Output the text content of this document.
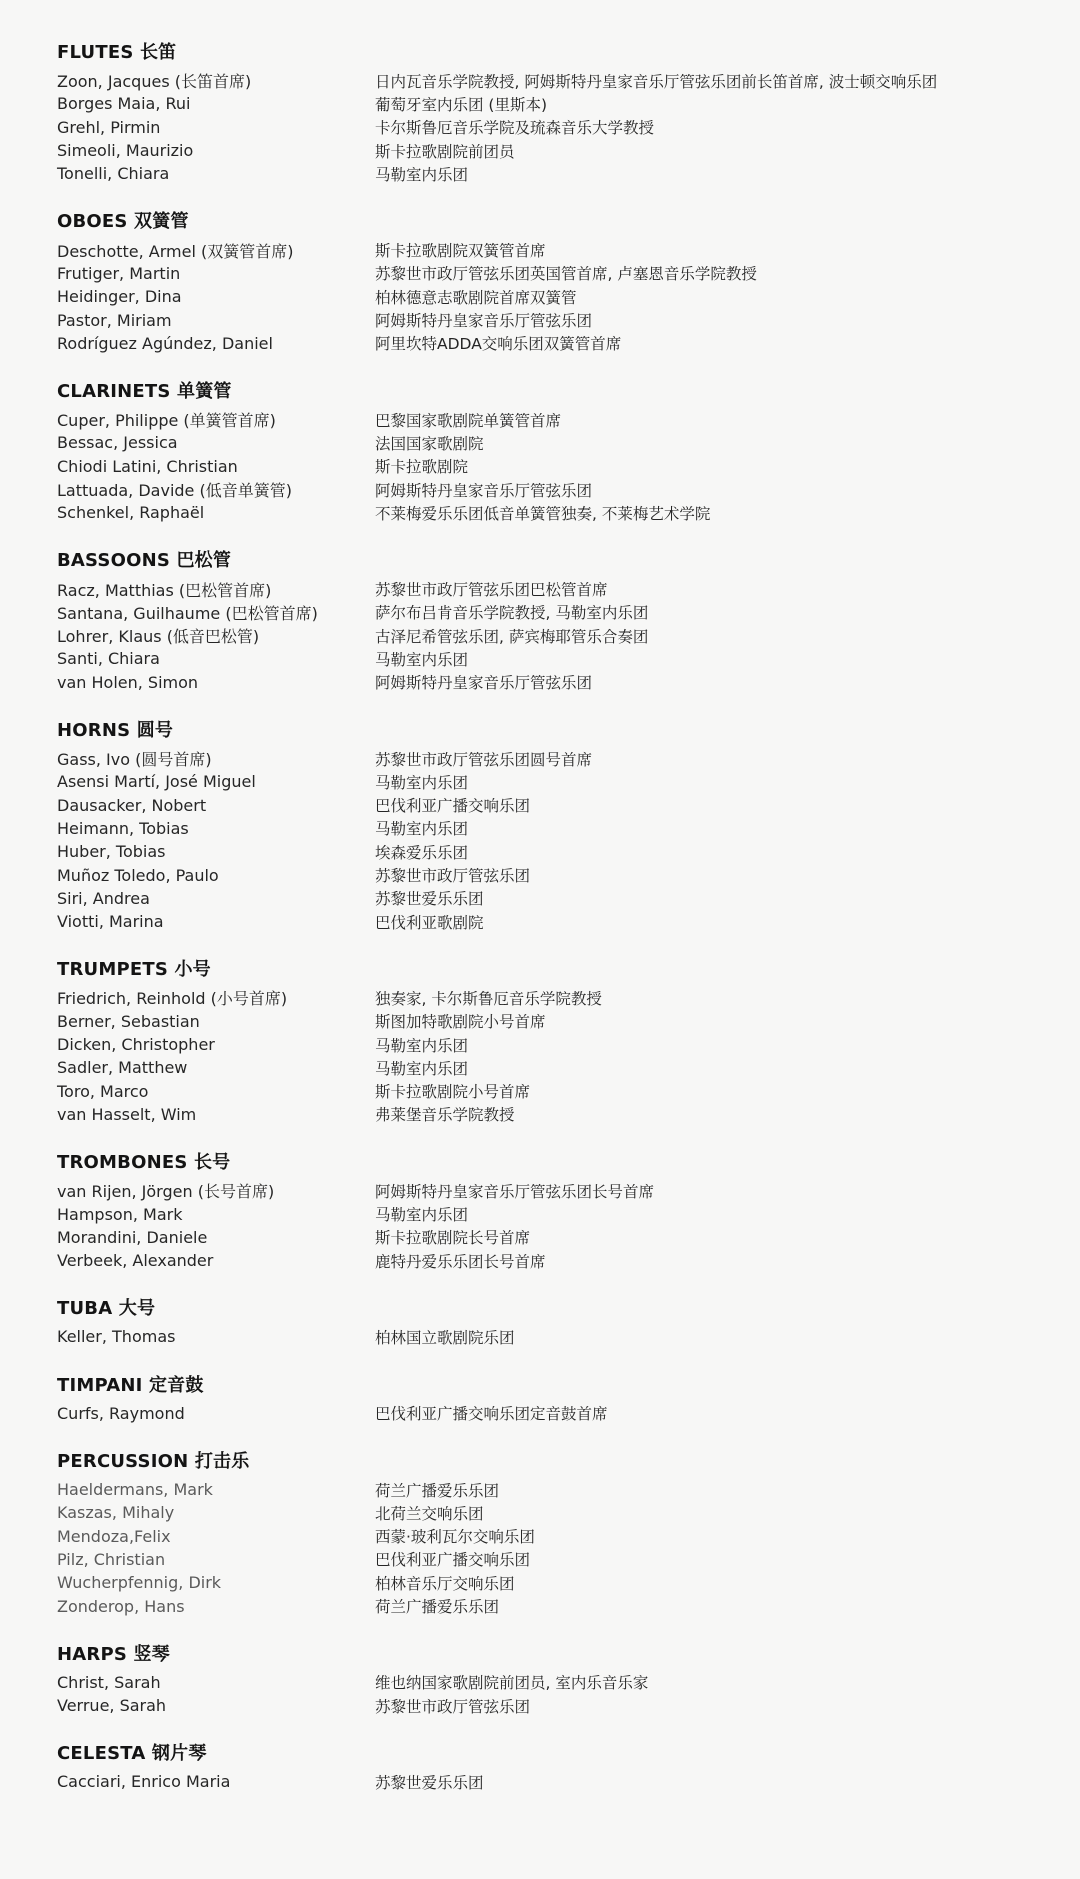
FLUTES 长笛
Zoon, Jacques (长笛首席)	日内瓦音乐学院教授, 阿姆斯特丹皇家音乐厅管弦乐团前长笛首席, 波士顿交响乐团
Borges Maia, Rui	葡萄牙室内乐团 (里斯本)
Grehl, Pirmin	卡尔斯鲁厄音乐学院及琉森音乐大学教授
Simeoli, Maurizio	斯卡拉歌剧院前团员
Tonelli, Chiara	马勒室内乐团
OBOES 双簧管
Deschotte, Armel (双簧管首席)	斯卡拉歌剧院双簧管首席
Frutiger, Martin	苏黎世市政厅管弦乐团英国管首席, 卢塞恩音乐学院教授
Heidinger, Dina	柏林德意志歌剧院首席双簧管
Pastor, Miriam	阿姆斯特丹皇家音乐厅管弦乐团
Rodríguez Agúndez, Daniel	阿里坎特ADDA交响乐团双簧管首席
CLARINETS 单簧管
Cuper, Philippe (单簧管首席)	巴黎国家歌剧院单簧管首席
Bessac, Jessica	法国国家歌剧院
Chiodi Latini, Christian	斯卡拉歌剧院
Lattuada, Davide (低音单簧管)	阿姆斯特丹皇家音乐厅管弦乐团
Schenkel, Raphaël	不莱梅爱乐乐团低音单簧管独奏, 不莱梅艺术学院
BASSOONS 巴松管
Racz, Matthias (巴松管首席)	苏黎世市政厅管弦乐团巴松管首席
Santana, Guilhaume (巴松管首席)	萨尔布吕肯音乐学院教授, 马勒室内乐团
Lohrer, Klaus (低音巴松管)	古泽尼希管弦乐团, 萨宾梅耶管乐合奏团
Santi, Chiara	马勒室内乐团
van Holen, Simon	阿姆斯特丹皇家音乐厅管弦乐团
HORNS 圆号
Gass, Ivo (圆号首席)	苏黎世市政厅管弦乐团圆号首席
Asensi Martí, José Miguel	马勒室内乐团
Dausacker, Nobert	巴伐利亚广播交响乐团
Heimann, Tobias	马勒室内乐团
Huber, Tobias	埃森爱乐乐团
Muñoz Toledo, Paulo	苏黎世市政厅管弦乐团
Siri, Andrea	苏黎世爱乐乐团
Viotti, Marina	巴伐利亚歌剧院
TRUMPETS 小号
Friedrich, Reinhold (小号首席)	独奏家, 卡尔斯鲁厄音乐学院教授
Berner, Sebastian	斯图加特歌剧院小号首席
Dicken, Christopher	马勒室内乐团
Sadler, Matthew	马勒室内乐团
Toro, Marco	斯卡拉歌剧院小号首席
van Hasselt, Wim	弗莱堡音乐学院教授
TROMBONES 长号
van Rijen, Jörgen (长号首席)	阿姆斯特丹皇家音乐厅管弦乐团长号首席
Hampson, Mark	马勒室内乐团
Morandini, Daniele	斯卡拉歌剧院长号首席
Verbeek, Alexander	鹿特丹爱乐乐团长号首席
TUBA 大号
Keller, Thomas	柏林国立歌剧院乐团
TIMPANI 定音鼓
Curfs, Raymond	巴伐利亚广播交响乐团定音鼓首席
PERCUSSION 打击乐
Haeldermans, Mark	荷兰广播爱乐乐团
Kaszas, Mihaly	北荷兰交响乐团
Mendoza,Felix	西蒙·玻利瓦尔交响乐团
Pilz, Christian	巴伐利亚广播交响乐团
Wucherpfennig, Dirk	柏林音乐厅交响乐团
Zonderop, Hans	荷兰广播爱乐乐团
HARPS 竖琴
Christ, Sarah	维也纳国家歌剧院前团员, 室内乐音乐家
Verrue, Sarah	苏黎世市政厅管弦乐团
CELESTA 钢片琴
Cacciari, Enrico Maria	苏黎世爱乐乐团
